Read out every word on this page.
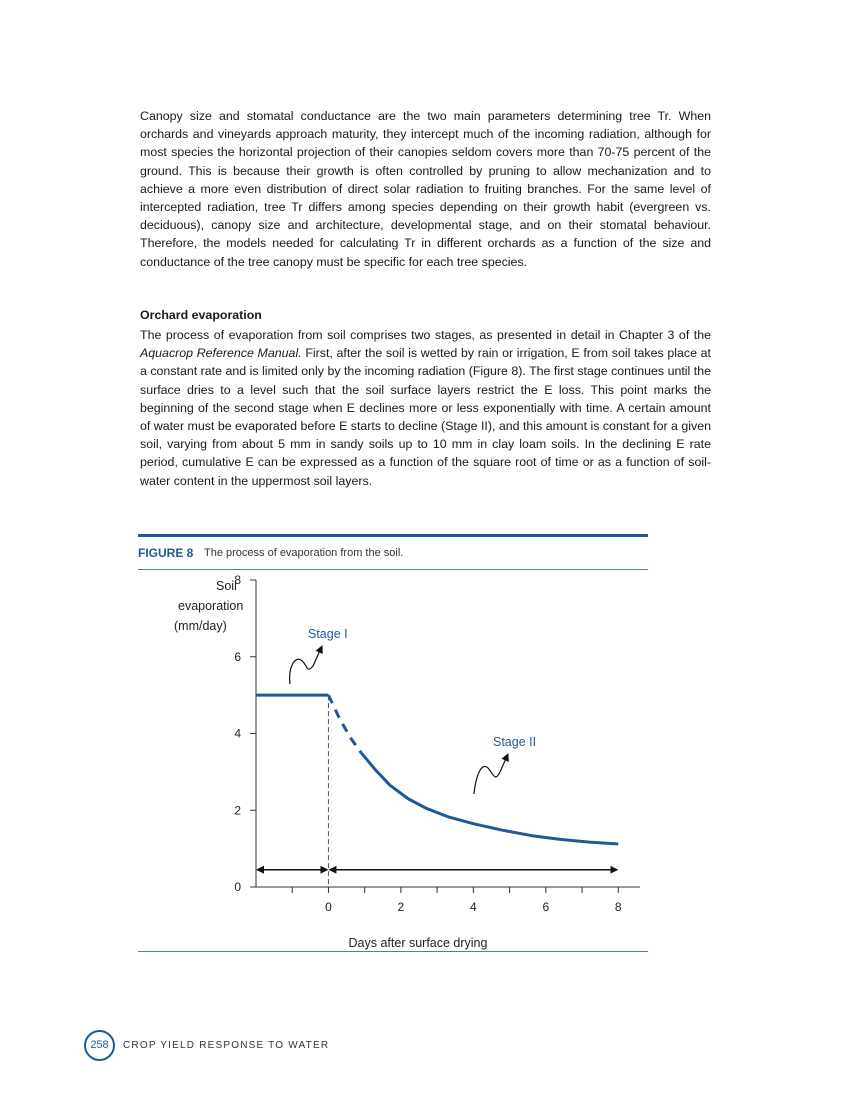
Canopy size and stomatal conductance are the two main parameters determining tree Tr. When orchards and vineyards approach maturity, they intercept much of the incoming radiation, although for most species the horizontal projection of their canopies seldom covers more than 70-75 percent of the ground. This is because their growth is often controlled by pruning to allow mechanization and to achieve a more even distribution of direct solar radiation to fruiting branches. For the same level of intercepted radiation, tree Tr differs among species depending on their growth habit (evergreen vs. deciduous), canopy size and architecture, developmental stage, and on their stomatal behaviour. Therefore, the models needed for calculating Tr in different orchards as a function of the size and conductance of the tree canopy must be specific for each tree species.

Orchard evaporation

The process of evaporation from soil comprises two stages, as presented in detail in Chapter 3 of the Aquacrop Reference Manual. First, after the soil is wetted by rain or irrigation, E from soil takes place at a constant rate and is limited only by the incoming radiation (Figure 8). The first stage continues until the surface dries to a level such that the soil surface layers restrict the E loss. This point marks the beginning of the second stage when E declines more or less exponentially with time. A certain amount of water must be evaporated before E starts to decline (Stage II), and this amount is constant for a given soil, varying from about 5 mm in sandy soils up to 10 mm in clay loam soils. In the declining E rate period, cumulative E can be expressed as a function of the square root of time or as a function of soil-water content in the uppermost soil layers.

FIGURE 8 The process of evaporation from the soil.
0
2
4
6
8
0	2	4	6	8
Soil
evaporation
(mm/day)
Days after surface drying
Stage I
Stage II
258	CROP YIELD RESPONSE TO WATER
